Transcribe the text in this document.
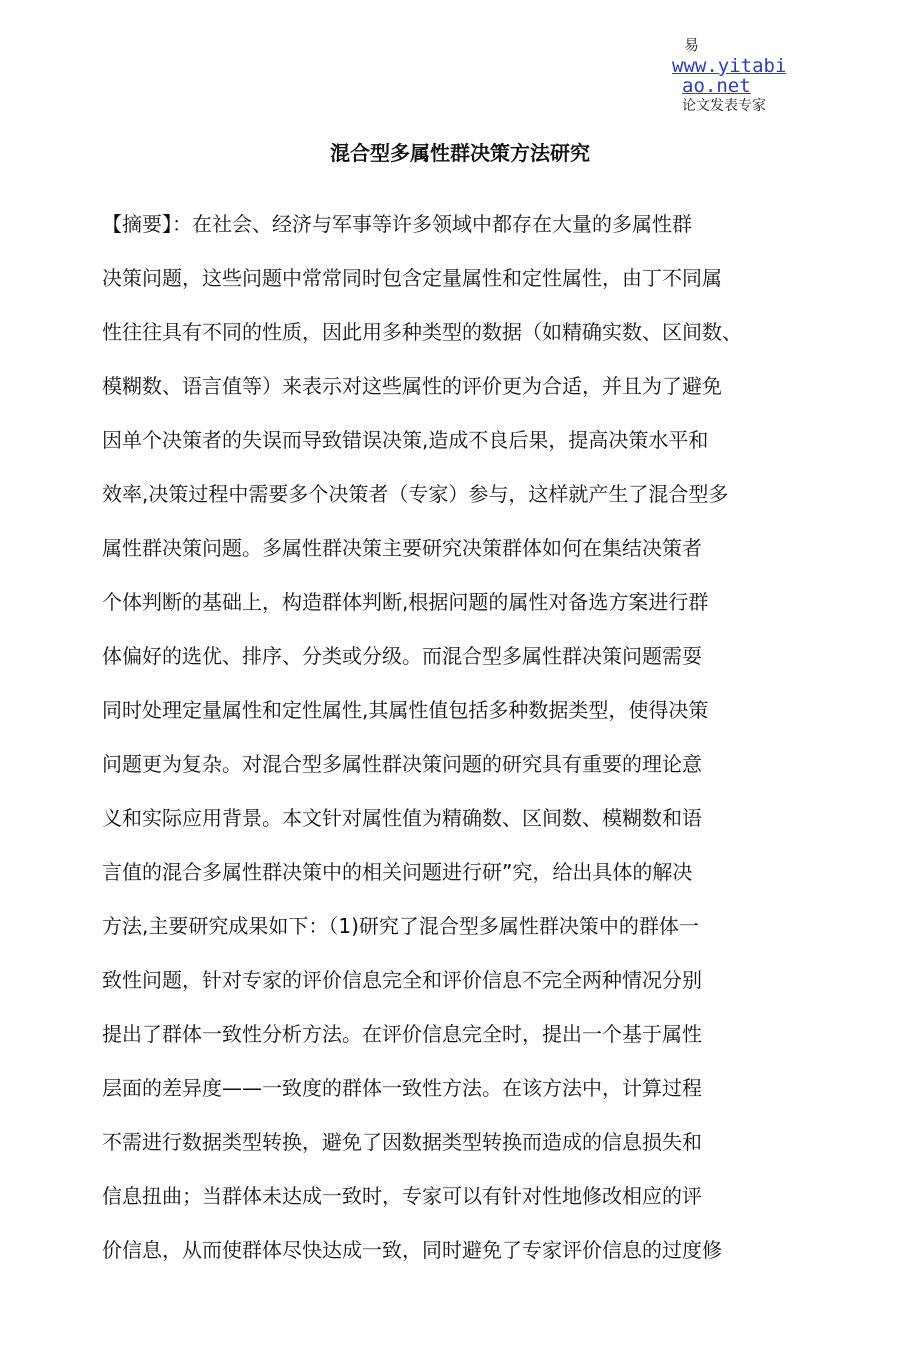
易
www.yitabi
ao.net
论文发表专家
混合型多属性群决策方法研究
【摘要】：在社会、经济与军事等许多领域中都存在大量的多属性群
决策问题，这些问题中常常同时包含定量属性和定性属性，由丁不同属
性往往具有不同的性质，因此用多种类型的数据（如精确实数、区间数、
模糊数、语言值等）来表示对这些属性的评价更为合适，并且为了避免
因单个决策者的失误而导致错误决策,造成不良后果，提高决策水平和
效率,决策过程中需要多个决策者（专家）参与，这样就产生了混合型多
属性群决策问题。多属性群决策主要研究决策群体如何在集结决策者
个体判断的基础上，构造群体判断,根据问题的属性对备选方案进行群
体偏好的选优、排序、分类或分级。而混合型多属性群决策问题需耍
同时处理定量属性和定性属性,其属性值包括多种数据类型，使得决策
问题更为复杂。对混合型多属性群决策问题的研究具有重要的理论意
义和实际应用背景。本文针对属性值为精确数、区间数、模糊数和语
言值的混合多属性群决策中的相关问题进行研”究，给出具体的解决
方法,主要研究成果如下：（1)研究了混合型多属性群决策中的群体一
致性问题，针对专家的评价信息完全和评价信息不完全两种情况分别
提出了群体一致性分析方法。在评价信息完全时，提出一个基于属性
层面的差异度——一致度的群体一致性方法。在该方法中，计算过程
不需进行数据类型转换，避免了因数据类型转换而造成的信息损失和
信息扭曲；当群体未达成一致时，专家可以有针对性地修改相应的评
价信息，从而使群体尽快达成一致，同时避免了专家评价信息的过度修
